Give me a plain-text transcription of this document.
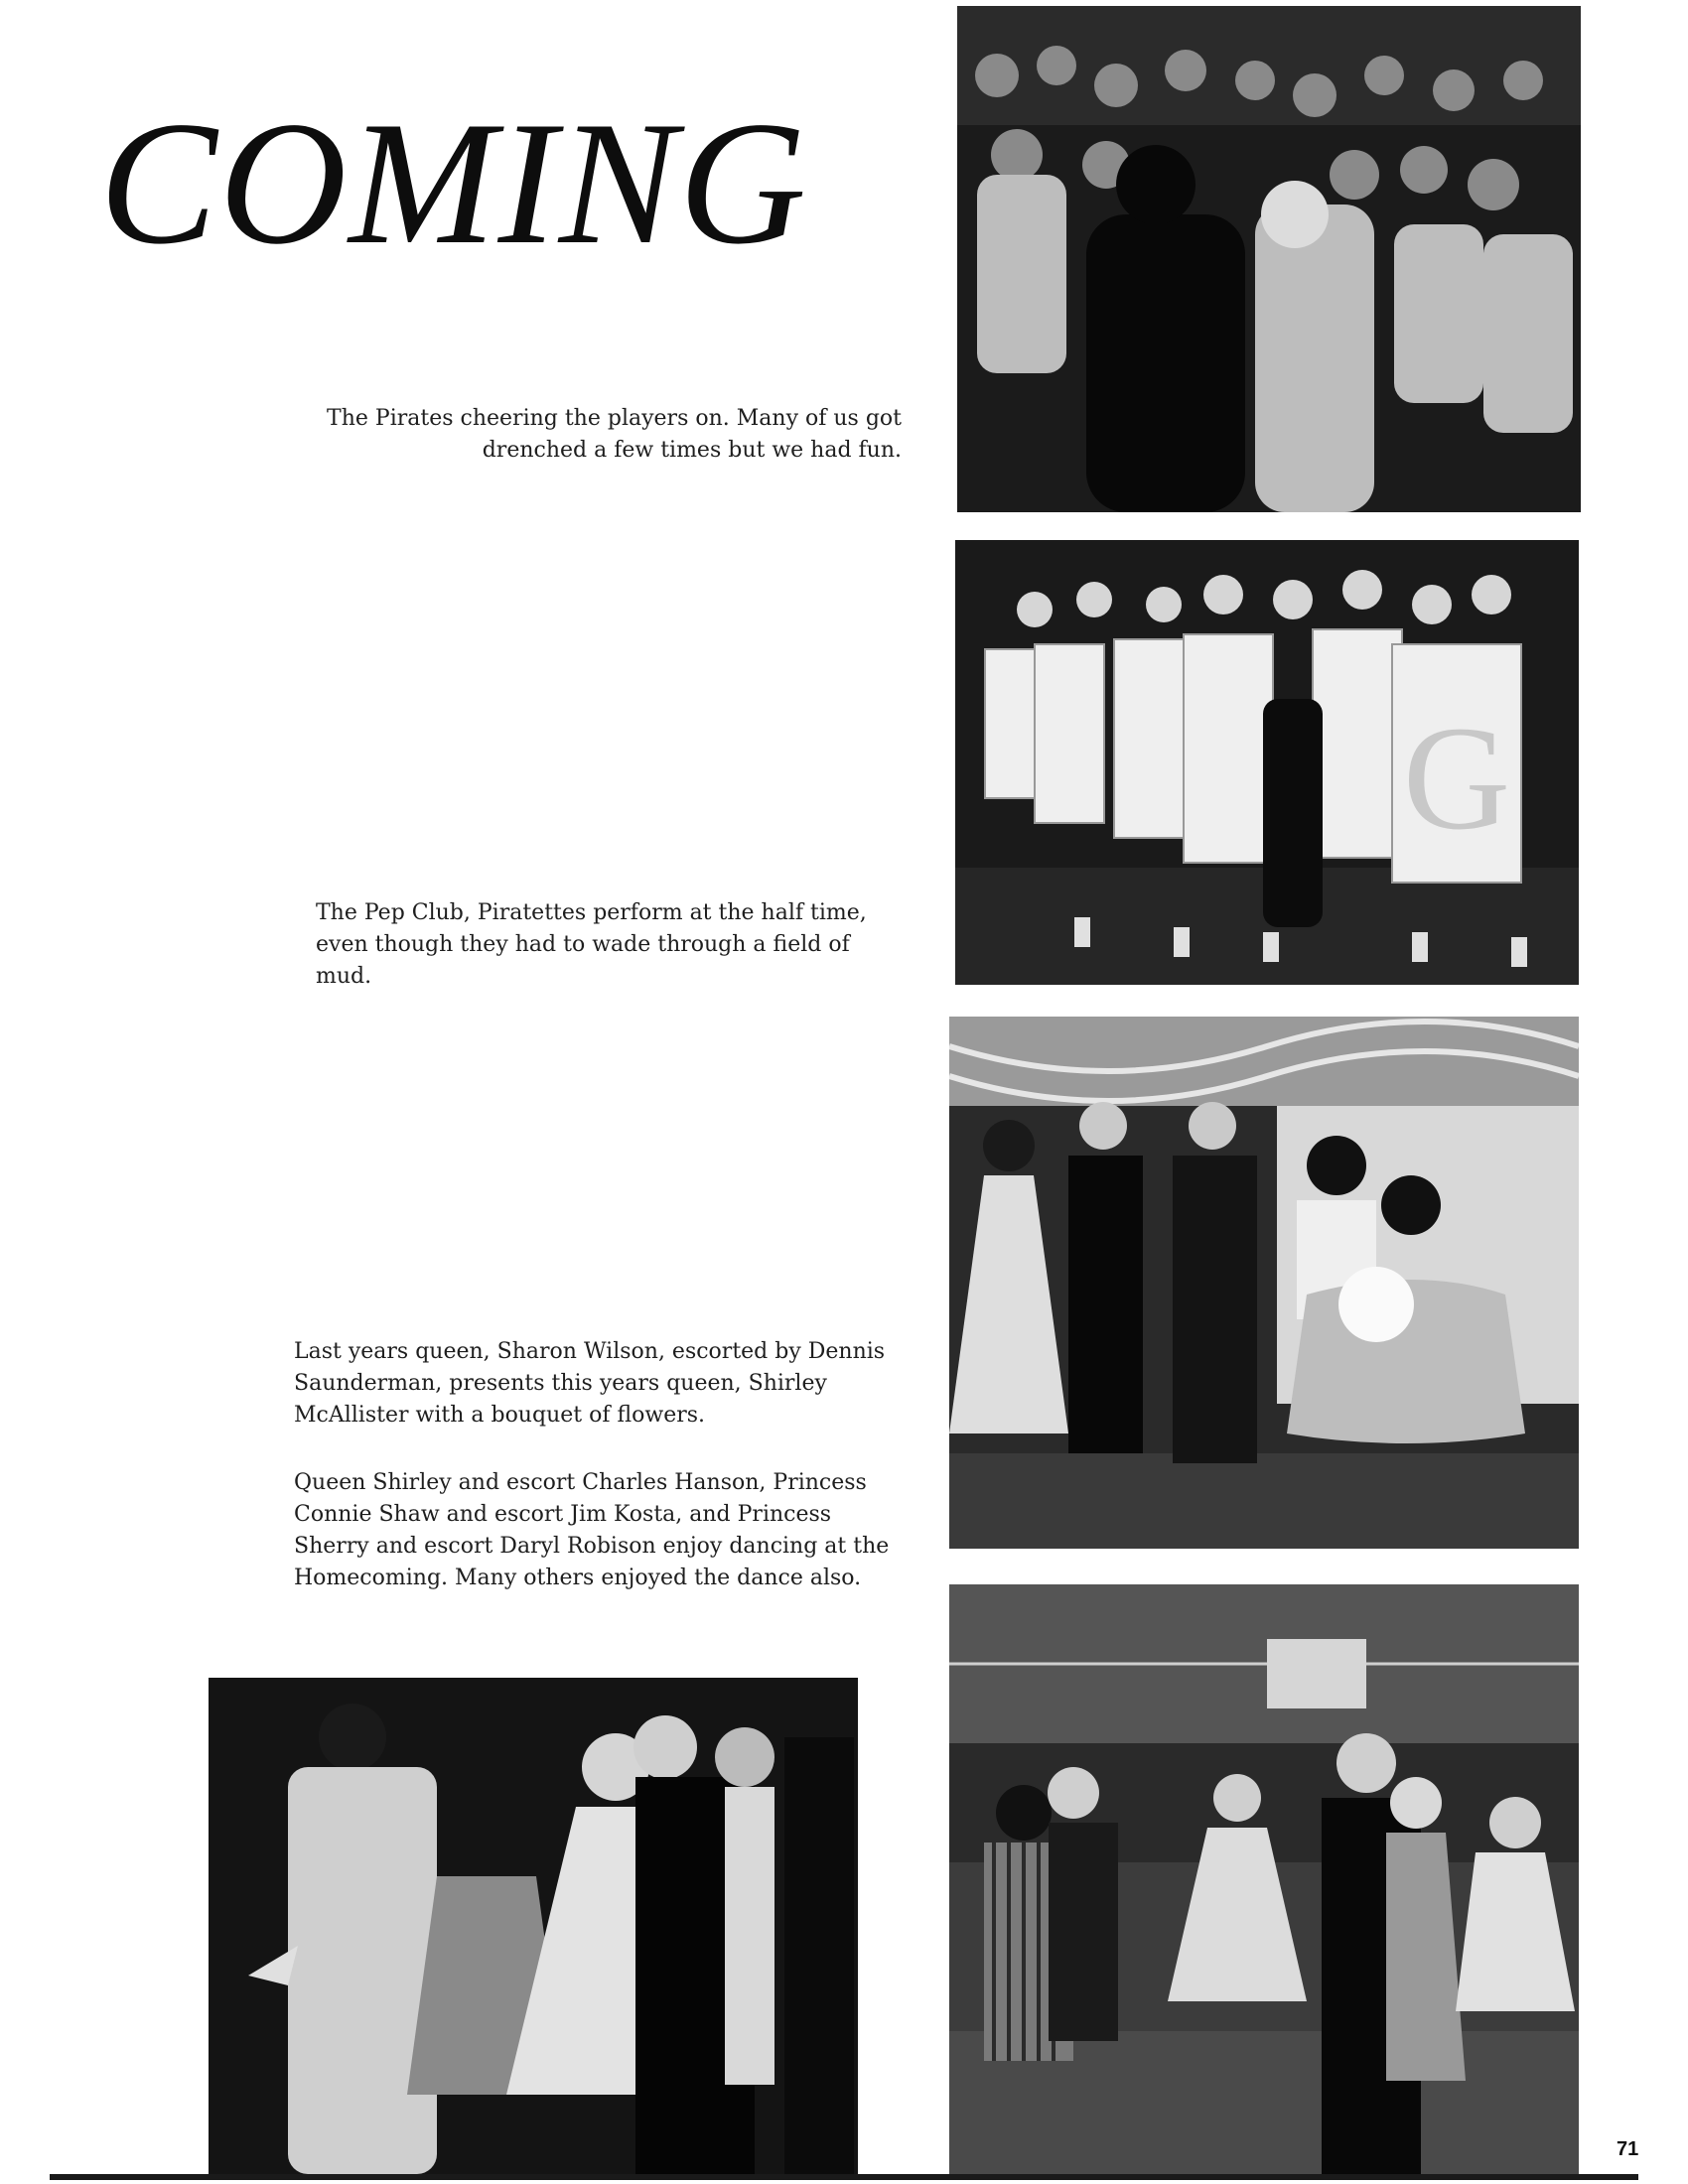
COMING
The Pirates cheering the players on. Many of us got drenched a few times but we had fun.
G
The Pep Club, Piratettes perform at the half time, even though they had to wade through a field of mud.
Last years queen, Sharon Wilson, escorted by Dennis Saunderman, presents this years queen, Shirley McAllister with a bouquet of flowers.
Queen Shirley and escort Charles Hanson, Princess Connie Shaw and escort Jim Kosta, and Princess Sherry and escort Daryl Robison enjoy dancing at the Homecoming. Many others enjoyed the dance also.
71
